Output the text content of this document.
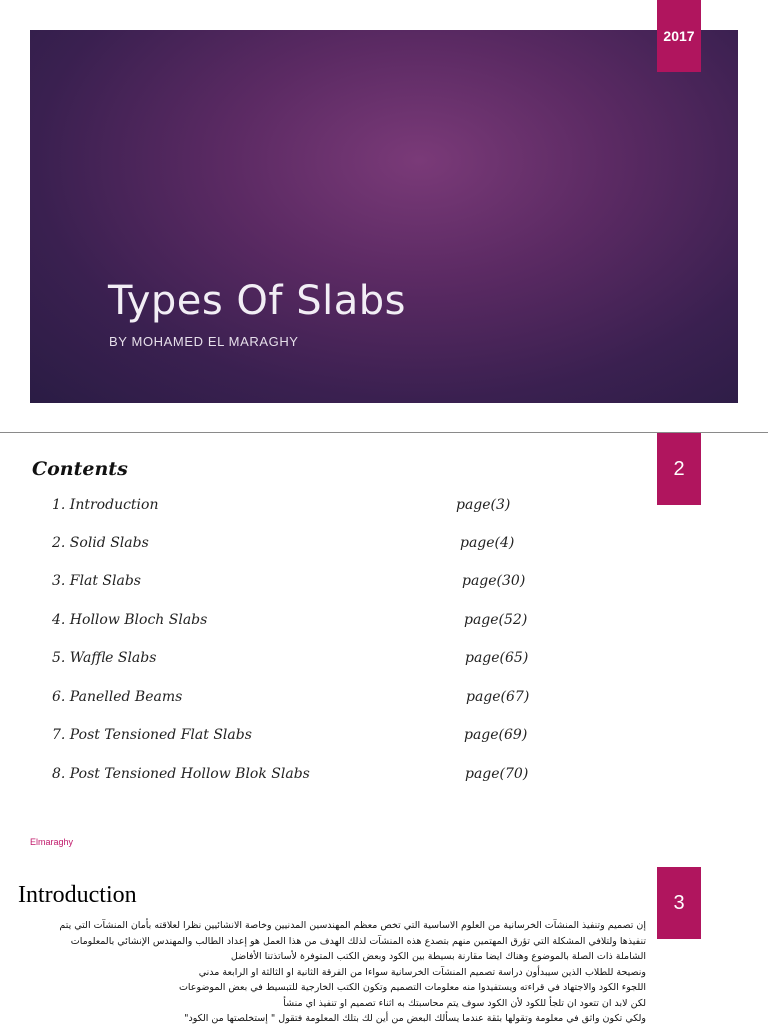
Types Of Slabs
BY MOHAMED EL MARAGHY
2017
2
Contents
1. Introduction	page(3)
2. Solid Slabs	page(4)
3. Flat Slabs	page(30)
4. Hollow Bloch Slabs	page(52)
5. Waffle Slabs	page(65)
6. Panelled Beams	page(67)
7. Post Tensioned Flat Slabs	page(69)
8. Post Tensioned Hollow Blok Slabs	page(70)
Elmaraghy
3
Introduction
إن تصميم وتنفيذ المنشآت الخرسانية من العلوم الاساسية التي تخص معظم المهندسين المدنيين وخاصة الانشائيين نظرا لعلاقته بأمان المنشآت التي يتم
تنفيذها ولتلافي المشكلة التي تؤرق المهتمين منهم بتصدع هذه المنشآت لذلك الهدف من هذا العمل هو إعداد الطالب والمهندس الإنشائي بالمعلومات
الشاملة ذات الصلة بالموضوع وهناك ايضا مقارنة بسيطة بين الكود وبعض الكتب المتوفرة لأساتذتنا الأفاضل
ونصيحة للطلاب الذين سيبدأون دراسة تصميم المنشآت الخرسانية سواءا من الفرقة الثانية او الثالثة او الرابعة مدني
اللجوء الكود والاجتهاد في قراءته ويستفيدوا منه معلومات التصميم وتكون الكتب الخارجية للتبسيط في بعض الموضوعات
لكن لابد ان تتعود ان تلجأ للكود لأن الكود سوف يتم محاسبتك به اثناء تصميم او تنفيذ اي منشأ
ولكي تكون واثق في معلومة وتقولها بثقة عندما يسألك البعض من أين لك بتلك المعلومة فتقول " إستخلصتها من الكود"
